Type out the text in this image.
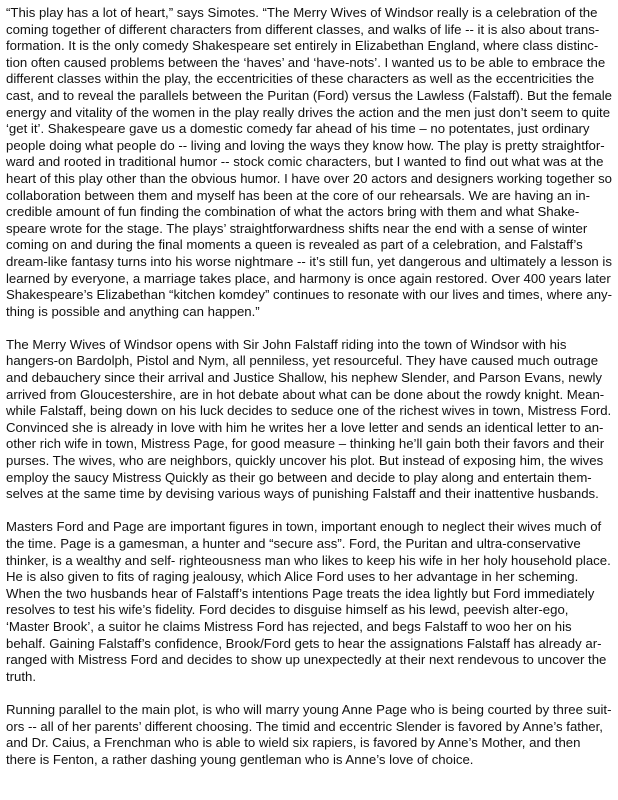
“This play has a lot of heart,” says Simotes. “The Merry Wives of Windsor really is a celebration of the
coming together of different characters from different classes, and walks of life -- it is also about trans-
formation. It is the only comedy Shakespeare set entirely in Elizabethan England, where class distinc-
tion often caused problems between the ‘haves’ and ‘have-nots’. I wanted us to be able to embrace the
different classes within the play, the eccentricities of these characters as well as the eccentricities the
cast, and to reveal the parallels between the Puritan (Ford) versus the Lawless (Falstaff). But the female
energy and vitality of the women in the play really drives the action and the men just don’t seem to quite
‘get it’. Shakespeare gave us a domestic comedy far ahead of his time – no potentates, just ordinary
people doing what people do -- living and loving the ways they know how. The play is pretty straightfor-
ward and rooted in traditional humor -- stock comic characters, but I wanted to find out what was at the
heart of this play other than the obvious humor. I have over 20 actors and designers working together so
collaboration between them and myself has been at the core of our rehearsals. We are having an in-
credible amount of fun finding the combination of what the actors bring with them and what Shake-
speare wrote for the stage. The plays’ straightforwardness shifts near the end with a sense of winter
coming on and during the final moments a queen is revealed as part of a celebration, and Falstaff’s
dream-like fantasy turns into his worse nightmare -- it’s still fun, yet dangerous and ultimately a lesson is
learned by everyone, a marriage takes place, and harmony is once again restored. Over 400 years later
Shakespeare’s Elizabethan “kitchen komdey” continues to resonate with our lives and times, where any-
thing is possible and anything can happen.”

The Merry Wives of Windsor opens with Sir John Falstaff riding into the town of Windsor with his
hangers-on Bardolph, Pistol and Nym, all penniless, yet resourceful. They have caused much outrage
and debauchery since their arrival and Justice Shallow, his nephew Slender, and Parson Evans, newly
arrived from Gloucestershire, are in hot debate about what can be done about the rowdy knight. Mean-
while Falstaff, being down on his luck decides to seduce one of the richest wives in town, Mistress Ford.
Convinced she is already in love with him he writes her a love letter and sends an identical letter to an-
other rich wife in town, Mistress Page, for good measure – thinking he’ll gain both their favors and their
purses. The wives, who are neighbors, quickly uncover his plot. But instead of exposing him, the wives
employ the saucy Mistress Quickly as their go between and decide to play along and entertain them-
selves at the same time by devising various ways of punishing Falstaff and their inattentive husbands.

Masters Ford and Page are important figures in town, important enough to neglect their wives much of
the time. Page is a gamesman, a hunter and “secure ass”. Ford, the Puritan and ultra-conservative
thinker, is a wealthy and self- righteousness man who likes to keep his wife in her holy household place.
He is also given to fits of raging jealousy, which Alice Ford uses to her advantage in her scheming.
When the two husbands hear of Falstaff’s intentions Page treats the idea lightly but Ford immediately
resolves to test his wife’s fidelity. Ford decides to disguise himself as his lewd, peevish alter-ego,
‘Master Brook’, a suitor he claims Mistress Ford has rejected, and begs Falstaff to woo her on his
behalf. Gaining Falstaff’s confidence, Brook/Ford gets to hear the assignations Falstaff has already ar-
ranged with Mistress Ford and decides to show up unexpectedly at their next rendevous to uncover the
truth.

Running parallel to the main plot, is who will marry young Anne Page who is being courted by three suit-
ors -- all of her parents’ different choosing. The timid and eccentric Slender is favored by Anne’s father,
and Dr. Caius, a Frenchman who is able to wield six rapiers, is favored by Anne’s Mother, and then
there is Fenton, a rather dashing young gentleman who is Anne’s love of choice.
